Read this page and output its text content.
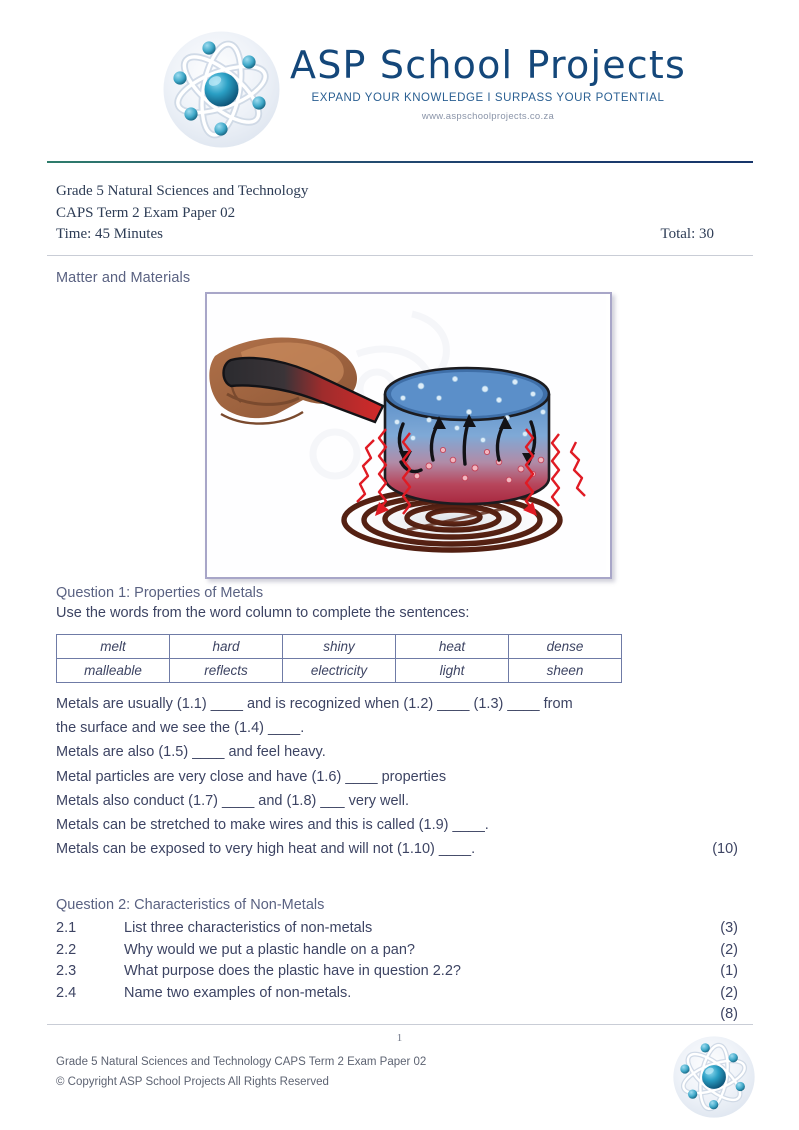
ASP School Projects
EXPAND YOUR KNOWLEDGE I SURPASS YOUR POTENTIAL
www.aspschoolprojects.co.za
Grade 5 Natural Sciences and Technology
CAPS Term 2 Exam Paper 02
Time: 45 Minutes	Total: 30
Matter and Materials
Question 1: Properties of Metals
Use the words from the word column to complete the sentences:
melt	hard	shiny	heat	dense
malleable	reflects	electricity	light	sheen
Metals are usually (1.1) ____ and is recognized when (1.2) ____ (1.3) ____ from
the surface and we see the (1.4) ____.
Metals are also (1.5) ____ and feel heavy.
Metal particles are very close and have (1.6) ____ properties
Metals also conduct (1.7) ____ and (1.8) ___ very well.
Metals can be stretched to make wires and this is called (1.9) ____.
Metals can be exposed to very high heat and will not (1.10) ____.	(10)
Question 2: Characteristics of Non-Metals
2.1	List three characteristics of non-metals	(3)
2.2	Why would we put a plastic handle on a pan?	(2)
2.3	What purpose does the plastic have in question 2.2?	(1)
2.4	Name two examples of non-metals.	(2)
(8)
1
Grade 5 Natural Sciences and Technology CAPS Term 2 Exam Paper 02
© Copyright ASP School Projects All Rights Reserved
